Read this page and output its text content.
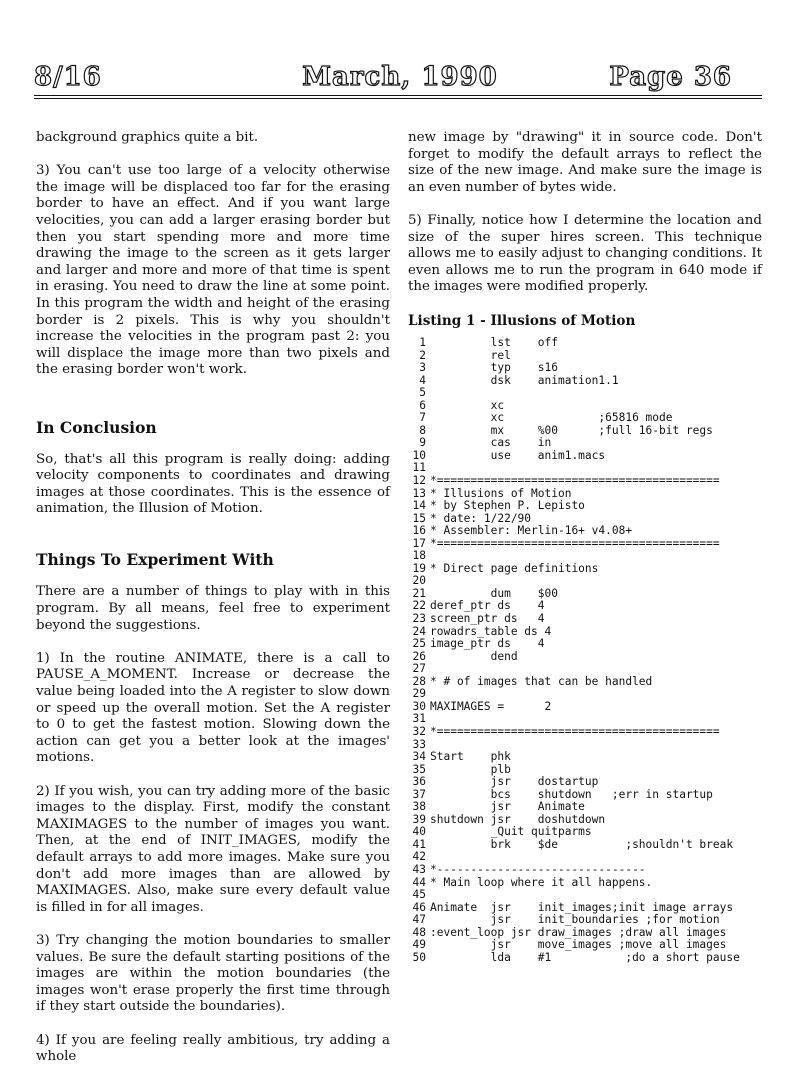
8/16	March, 1990	Page 36

background graphics quite a bit.

3) You can't use too large of a velocity otherwise the image will be displaced too far for the erasing border to have an effect. And if you want large velocities, you can add a larger erasing border but then you start spending more and more time drawing the image to the screen as it gets larger and larger and more and more of that time is spent in erasing. You need to draw the line at some point. In this program the width and height of the erasing border is 2 pixels. This is why you shouldn't increase the velocities in the program past 2: you will displace the image more than two pixels and the erasing border won't work.

In Conclusion

So, that's all this program is really doing: adding velocity components to coordinates and drawing images at those coordinates. This is the essence of animation, the Illusion of Motion.

Things To Experiment With

There are a number of things to play with in this program. By all means, feel free to experiment beyond the suggestions.

1) In the routine ANIMATE, there is a call to PAUSE_A_MOMENT. Increase or decrease the value being loaded into the A register to slow down or speed up the overall motion. Set the A register to 0 to get the fastest motion. Slowing down the action can get you a better look at the images' motions.

2) If you wish, you can try adding more of the basic images to the display. First, modify the constant MAXIMAGES to the number of images you want. Then, at the end of INIT_IMAGES, modify the default arrays to add more images. Make sure you don't add more images than are allowed by MAXIMAGES. Also, make sure every default value is filled in for all images.

3) Try changing the motion boundaries to smaller values. Be sure the default starting positions of the images are within the motion boundaries (the images won't erase properly the first time through if they start outside the boundaries).

4) If you are feeling really ambitious, try adding a whole

new image by "drawing" it in source code. Don't forget to modify the default arrays to reflect the size of the new image. And make sure the image is an even number of bytes wide.

5) Finally, notice how I determine the location and size of the super hires screen. This technique allows me to easily adjust to changing conditions. It even allows me to run the program in 640 mode if the images were modified properly.

Listing 1 - Illusions of Motion
1         lst    off
2         rel
3         typ    s16
4         dsk    animation1.1
5
6         xc
7         xc              ;65816 mode
8         mx     %00      ;full 16-bit regs
9         cas    in
10         use    anim1.macs
11
12 *==========================================
13 * Illusions of Motion
14 * by Stephen P. Lepisto
15 * date: 1/22/90
16 * Assembler: Merlin-16+ v4.08+
17 *==========================================
18
19 * Direct page definitions
20
21         dum    $00
22 deref_ptr ds    4
23 screen_ptr ds   4
24 rowadrs_table ds 4
25 image_ptr ds    4
26         dend
27
28 * # of images that can be handled
29
30 MAXIMAGES =      2
31
32 *==========================================
33
34 Start    phk
35         plb
36         jsr    dostartup
37         bcs    shutdown   ;err in startup
38         jsr    Animate
39 shutdown jsr    doshutdown
40         _Quit quitparms
41         brk    $de          ;shouldn't break
42
43 *-------------------------------
44 * Main loop where it all happens.
45
46 Animate  jsr    init_images;init image arrays
47         jsr    init_boundaries ;for motion
48 :event_loop jsr draw_images ;draw all images
49         jsr    move_images ;move all images
50         lda    #1           ;do a short pause
